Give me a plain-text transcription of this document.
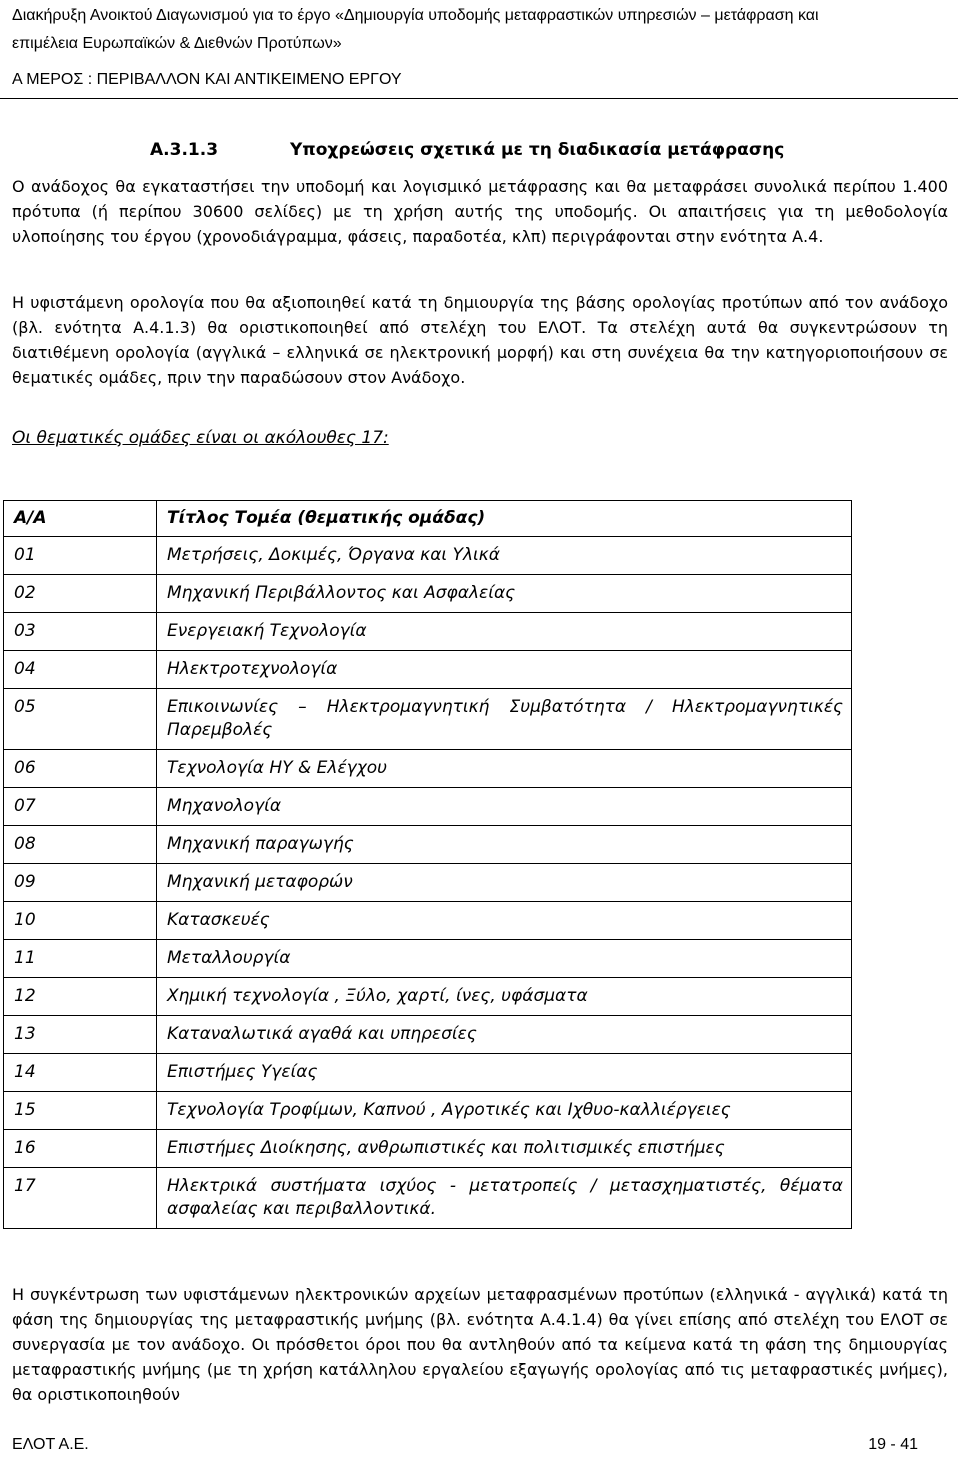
Διακήρυξη Ανοικτού Διαγωνισμού για το έργο «Δημιουργία υποδομής μεταφραστικών υπηρεσιών – μετάφραση και
επιμέλεια Ευρωπαϊκών & Διεθνών Προτύπων»
Α ΜΕΡΟΣ : ΠΕΡΙΒΑΛΛΟΝ ΚΑΙ ΑΝΤΙΚΕΙΜΕΝΟ ΕΡΓΟΥ
Α.3.1.3	Υποχρεώσεις σχετικά με τη διαδικασία μετάφρασης
Ο ανάδοχος θα εγκαταστήσει την υποδομή και λογισμικό μετάφρασης και θα μεταφράσει συνολικά περίπου 1.400 πρότυπα (ή περίπου 30600 σελίδες) με τη χρήση αυτής της υποδομής. Οι απαιτήσεις για τη μεθοδολογία υλοποίησης του έργου (χρονοδιάγραμμα, φάσεις, παραδοτέα, κλπ) περιγράφονται στην ενότητα Α.4.
Η υφιστάμενη ορολογία που θα αξιοποιηθεί κατά τη δημιουργία της βάσης ορολογίας προτύπων από τον ανάδοχο (βλ. ενότητα Α.4.1.3) θα οριστικοποιηθεί από στελέχη του ΕΛΟΤ. Τα στελέχη αυτά θα συγκεντρώσουν τη διατιθέμενη ορολογία (αγγλικά – ελληνικά σε ηλεκτρονική μορφή) και στη συνέχεια θα την κατηγοριοποιήσουν σε θεματικές ομάδες, πριν την παραδώσουν στον Ανάδοχο.
Οι θεματικές ομάδες είναι οι ακόλουθες 17:
Α/Α	Τίτλος Τομέα (θεματικής ομάδας)
01	Μετρήσεις, Δοκιμές, Όργανα και Υλικά
02	Μηχανική Περιβάλλοντος και Ασφαλείας
03	Ενεργειακή Τεχνολογία
04	Ηλεκτροτεχνολογία
05	Επικοινωνίες – Ηλεκτρομαγνητική Συμβατότητα / Ηλεκτρομαγνητικές Παρεμβολές
06	Τεχνολογία ΗΥ & Ελέγχου
07	Μηχανολογία
08	Μηχανική παραγωγής
09	Μηχανική μεταφορών
10	Κατασκευές
11	Μεταλλουργία
12	Χημική τεχνολογία , Ξύλο, χαρτί, ίνες, υφάσματα
13	Καταναλωτικά αγαθά και υπηρεσίες
14	Επιστήμες Υγείας
15	Τεχνολογία Τροφίμων, Καπνού , Αγροτικές και Ιχθυο-καλλιέργειες
16	Επιστήμες Διοίκησης, ανθρωπιστικές και πολιτισμικές επιστήμες
17	Ηλεκτρικά συστήματα ισχύος - μετατροπείς / μετασχηματιστές, θέματα ασφαλείας και περιβαλλοντικά.
Η συγκέντρωση των υφιστάμενων ηλεκτρονικών αρχείων μεταφρασμένων προτύπων (ελληνικά - αγγλικά) κατά τη φάση της δημιουργίας της μεταφραστικής μνήμης (βλ. ενότητα Α.4.1.4) θα γίνει επίσης από στελέχη του ΕΛΟΤ σε συνεργασία με τον ανάδοχο. Οι πρόσθετοι όροι που θα αντληθούν από τα κείμενα κατά τη φάση της δημιουργίας μεταφραστικής μνήμης (με τη χρήση κατάλληλου εργαλείου εξαγωγής ορολογίας από τις μεταφραστικές μνήμες), θα οριστικοποιηθούν
ΕΛΟΤ Α.Ε.	19 - 41
